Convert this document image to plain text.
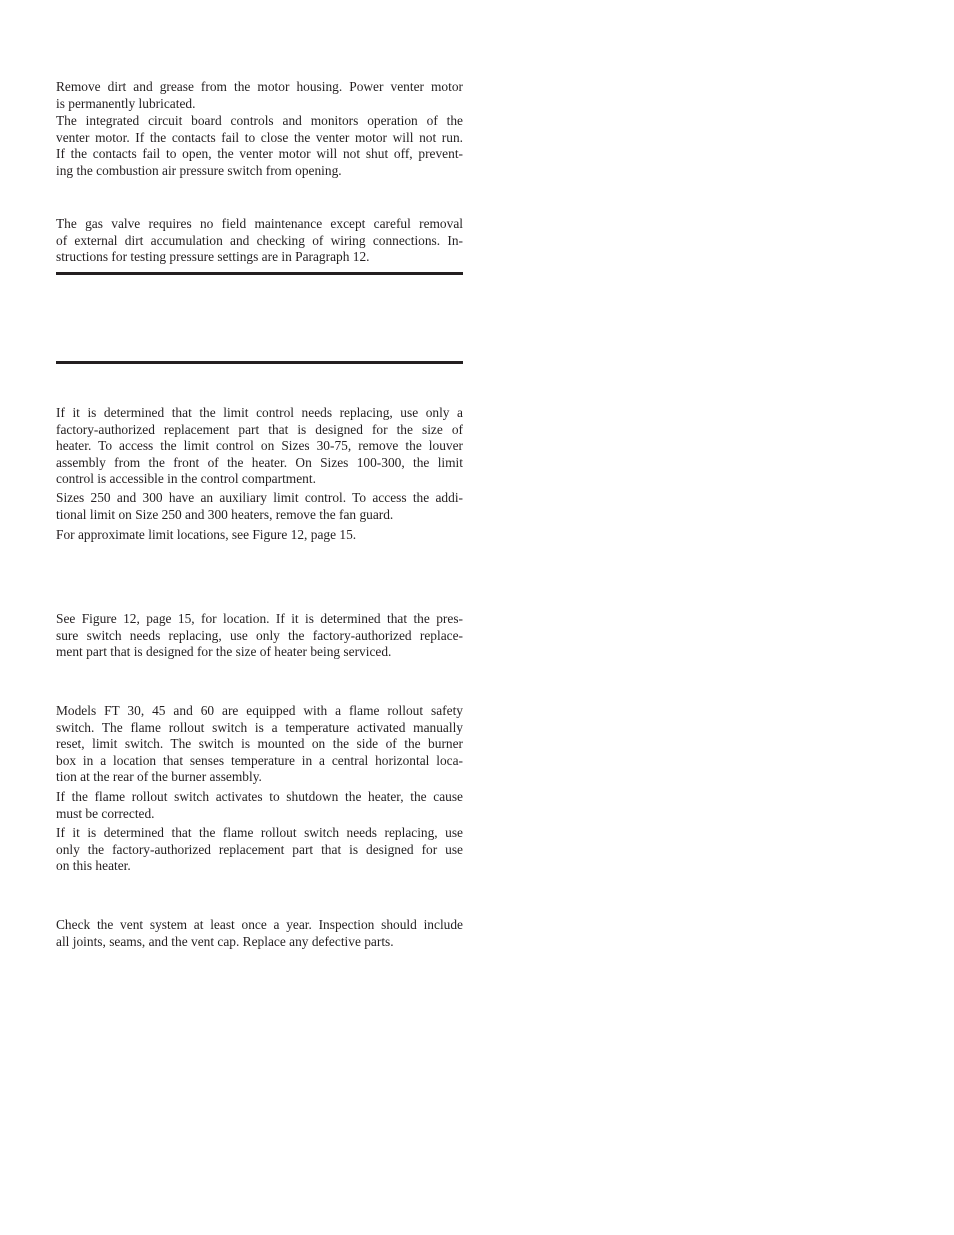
Remove dirt and grease from the motor housing. Power venter motor
is permanently lubricated.
The integrated circuit board controls and monitors operation of the
venter motor. If the contacts fail to close the venter motor will not run.
If the contacts fail to open, the venter motor will not shut off, prevent-
ing the combustion air pressure switch from opening.
The gas valve requires no field maintenance except careful removal
of external dirt accumulation and checking of wiring connections. In-
structions for testing pressure settings are in Paragraph 12.
If it is determined that the limit control needs replacing, use only a
factory-authorized replacement part that is designed for the size of
heater. To access the limit control on Sizes 30-75, remove the louver
assembly from the front of the heater. On Sizes 100-300, the limit
control is accessible in the control compartment.
Sizes 250 and 300 have an auxiliary limit control. To access the addi-
tional limit on Size 250 and 300 heaters, remove the fan guard.
For approximate limit locations, see Figure 12, page 15.
See Figure 12, page 15, for location. If it is determined that the pres-
sure switch needs replacing, use only the factory-authorized replace-
ment part that is designed for the size of heater being serviced.
Models FT 30, 45 and 60 are equipped with a flame rollout safety
switch. The flame rollout switch is a temperature activated manually
reset, limit switch. The switch is mounted on the side of the burner
box in a location that senses temperature in a central horizontal loca-
tion at the rear of the burner assembly.
If the flame rollout switch activates to shutdown the heater, the cause
must be corrected.
If it is determined that the flame rollout switch needs replacing, use
only the factory-authorized replacement part that is designed for use
on this heater.
Check the vent system at least once a year. Inspection should include
all joints, seams, and the vent cap. Replace any defective parts.
